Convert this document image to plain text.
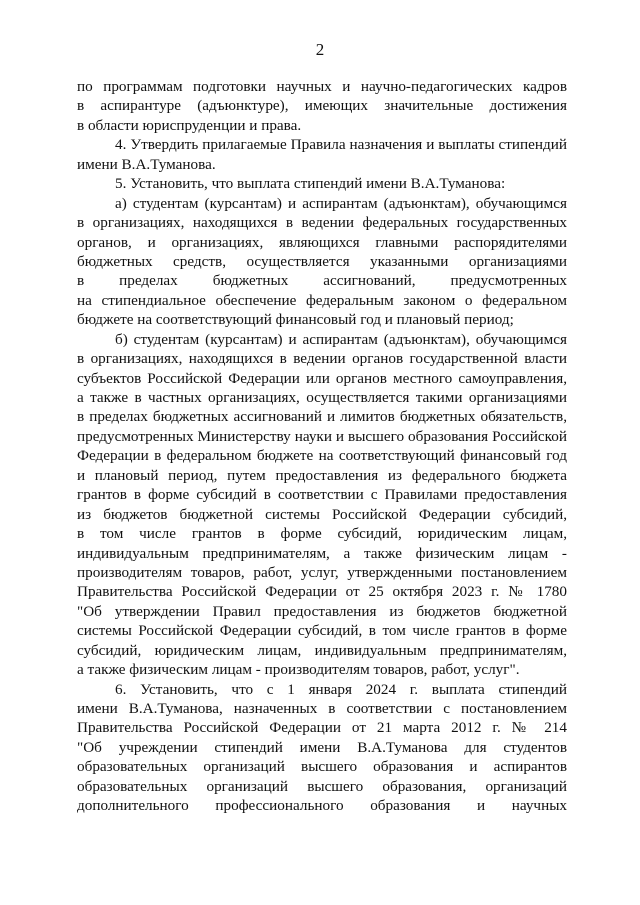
2
по программам подготовки научных и научно-педагогических кадров
в аспирантуре (адъюнктуре), имеющих значительные достижения
в области юриспруденции и права.
4. Утвердить прилагаемые Правила назначения и выплаты стипендий
имени В.А.Туманова.
5. Установить, что выплата стипендий имени В.А.Туманова:
а) студентам (курсантам) и аспирантам (адъюнктам), обучающимся
в организациях, находящихся в ведении федеральных государственных
органов, и организациях, являющихся главными распорядителями
бюджетных средств, осуществляется указанными организациями
в пределах бюджетных ассигнований, предусмотренных
на стипендиальное обеспечение федеральным законом о федеральном
бюджете на соответствующий финансовый год и плановый период;
б) студентам (курсантам) и аспирантам (адъюнктам), обучающимся
в организациях, находящихся в ведении органов государственной власти
субъектов Российской Федерации или органов местного самоуправления,
а также в частных организациях, осуществляется такими организациями
в пределах бюджетных ассигнований и лимитов бюджетных обязательств,
предусмотренных Министерству науки и высшего образования Российской
Федерации в федеральном бюджете на соответствующий финансовый год
и плановый период, путем предоставления из федерального бюджета
грантов в форме субсидий в соответствии с Правилами предоставления
из бюджетов бюджетной системы Российской Федерации субсидий,
в том числе грантов в форме субсидий, юридическим лицам,
индивидуальным предпринимателям, а также физическим лицам -
производителям товаров, работ, услуг, утвержденными постановлением
Правительства Российской Федерации от 25 октября 2023 г. № 1780
"Об утверждении Правил предоставления из бюджетов бюджетной
системы Российской Федерации субсидий, в том числе грантов в форме
субсидий, юридическим лицам, индивидуальным предпринимателям,
а также физическим лицам - производителям товаров, работ, услуг".
6. Установить, что с 1 января 2024 г. выплата стипендий
имени В.А.Туманова, назначенных в соответствии с постановлением
Правительства Российской Федерации от 21 марта 2012 г. № 214
"Об учреждении стипендий имени В.А.Туманова для студентов
образовательных организаций высшего образования и аспирантов
образовательных организаций высшего образования, организаций
дополнительного профессионального образования и научных
